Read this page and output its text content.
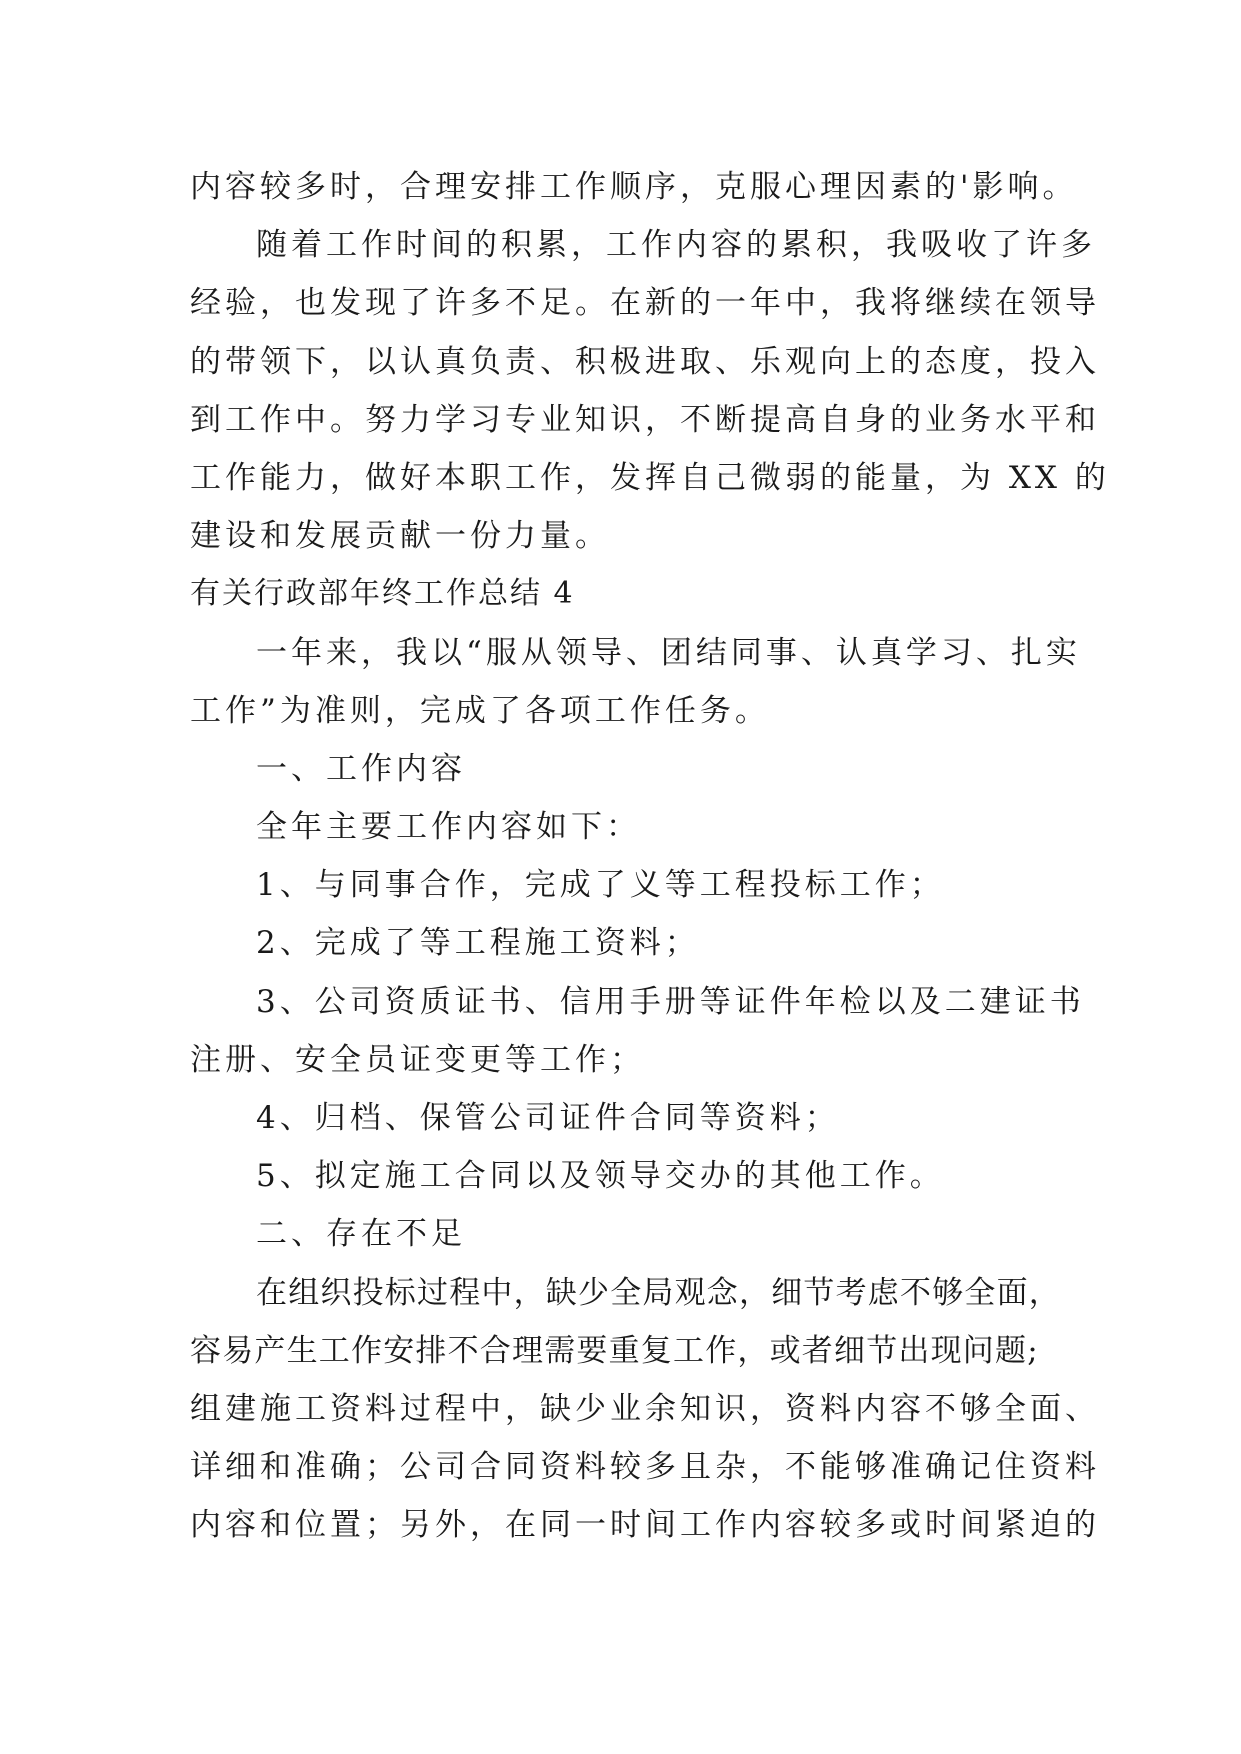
内容较多时，合理安排工作顺序，克服心理因素的'影响。
随着工作时间的积累，工作内容的累积，我吸收了许多
经验，也发现了许多不足。在新的一年中，我将继续在领导
的带领下，以认真负责、积极进取、乐观向上的态度，投入
到工作中。努力学习专业知识，不断提高自身的业务水平和
工作能力，做好本职工作，发挥自己微弱的能量，为 XX 的
建设和发展贡献一份力量。
有关行政部年终工作总结 4
一年来，我以“服从领导、团结同事、认真学习、扎实
工作”为准则，完成了各项工作任务。
一、工作内容
全年主要工作内容如下：
1、与同事合作，完成了义等工程投标工作；
2、完成了等工程施工资料；
3、公司资质证书、信用手册等证件年检以及二建证书
注册、安全员证变更等工作；
4、归档、保管公司证件合同等资料；
5、拟定施工合同以及领导交办的其他工作。
二、存在不足
在组织投标过程中，缺少全局观念，细节考虑不够全面，
容易产生工作安排不合理需要重复工作，或者细节出现问题;
组建施工资料过程中，缺少业余知识，资料内容不够全面、
详细和准确；公司合同资料较多且杂，不能够准确记住资料
内容和位置；另外，在同一时间工作内容较多或时间紧迫的
